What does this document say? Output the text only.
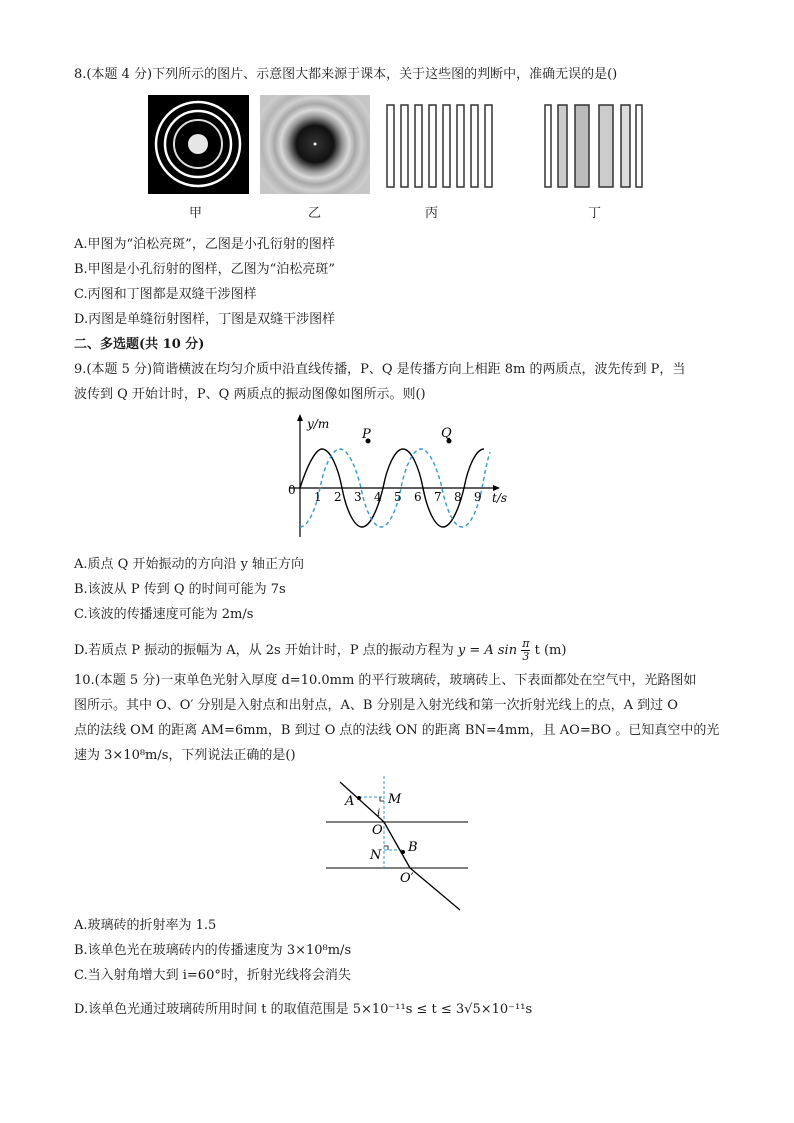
8.(本题 4 分)下列所示的图片、示意图大都来源于课本，关于这些图的判断中，准确无误的是()
甲	乙	丙	丁
A.甲图为“泊松亮斑”，乙图是小孔衍射的图样
B.甲图是小孔衍射的图样，乙图为“泊松亮斑”
C.丙图和丁图都是双缝干涉图样
D.丙图是单缝衍射图样，丁图是双缝干涉图样
二、多选题(共 10 分)
9.(本题 5 分)简谐横波在均匀介质中沿直线传播，P、Q 是传播方向上相距 8m 的两质点，波先传到 P，当
波传到 Q 开始计时，P、Q 两质点的振动图像如图所示。则()
P	Q
y/m
t/s
0 1 2 3 4 5 6 7 8 9
A.质点 Q 开始振动的方向沿 y 轴正方向
B.该波从 P 传到 Q 的时间可能为 7s
C.该波的传播速度可能为 2m/s
D.若质点 P 振动的振幅为 A，从 2s 开始计时，P 点的振动方程为 y = A $\sin \frac{\pi}{3}$ t (m)
10.(本题 5 分)一束单色光射入厚度 d=10.0mm 的平行玻璃砖，玻璃砖上、下表面都处在空气中，光路图如
图所示。其中 O、O′ 分别是入射点和出射点，A、B 分别是入射光线和第一次折射光线上的点，A 到过 O
点的法线 OM 的距离 AM=6mm，B 到过 O 点的法线 ON 的距离 BN=4mm，且 AO=BO 。已知真空中的光
速为 3×10⁸m/s，下列说法正确的是()
A	M
i
O
N
B
O′
A.玻璃砖的折射率为 1.5
B.该单色光在玻璃砖内的传播速度为 3×10⁸m/s
C.当入射角增大到 i=60°时，折射光线将会消失
D.该单色光通过玻璃砖所用时间 t 的取值范围是 5×10⁻¹¹s ≤ t ≤ 3√5×10⁻¹¹s
